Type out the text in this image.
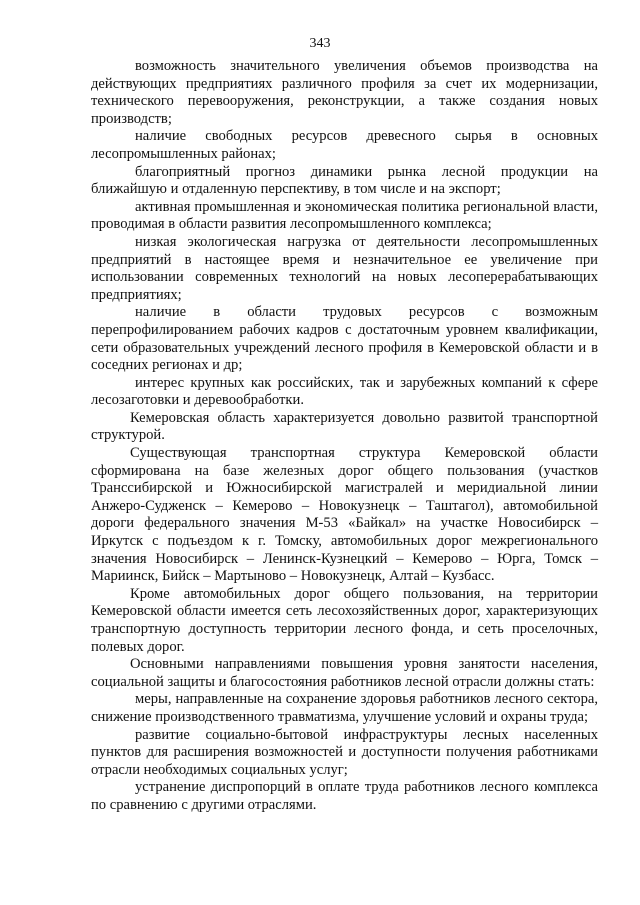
343

возможность значительного увеличения объемов производства на действующих предприятиях различного профиля за счет их модернизации, технического перевооружения, реконструкции, а также создания новых производств;

наличие свободных ресурсов древесного сырья в основных лесопромышленных районах;

благоприятный прогноз динамики рынка лесной продукции на ближайшую и отдаленную перспективу, в том числе и на экспорт;

активная промышленная и экономическая политика региональной власти, проводимая в области развития лесопромышленного комплекса;

низкая экологическая нагрузка от деятельности лесопромышленных предприятий в настоящее время и незначительное ее увеличение при использовании современных технологий на новых лесоперерабатывающих предприятиях;

наличие в области трудовых ресурсов с возможным перепрофилированием рабочих кадров с достаточным уровнем квалификации, сети образовательных учреждений лесного профиля в Кемеровской области и в соседних регионах и др;

интерес крупных как российских, так и зарубежных компаний к сфере лесозаготовки и деревообработки.

Кемеровская область характеризуется довольно развитой транспортной структурой.

Существующая транспортная структура Кемеровской области сформирована на базе железных дорог общего пользования (участков Транссибирской и Южносибирской магистралей и меридиальной линии Анжеро-Судженск – Кемерово – Новокузнецк – Таштагол), автомобильной дороги федерального значения М-53 «Байкал» на участке Новосибирск – Иркутск с подъездом к г. Томску, автомобильных дорог межрегионального значения Новосибирск – Ленинск-Кузнецкий – Кемерово – Юрга, Томск – Мариинск, Бийск – Мартыново – Новокузнецк, Алтай – Кузбасс.

Кроме автомобильных дорог общего пользования, на территории Кемеровской области имеется сеть лесохозяйственных дорог, характеризующих транспортную доступность территории лесного фонда, и сеть проселочных, полевых дорог.

Основными направлениями повышения уровня занятости населения, социальной защиты и благосостояния работников лесной отрасли должны стать:

меры, направленные на сохранение здоровья работников лесного сектора, снижение производственного травматизма, улучшение условий и охраны труда;

развитие социально-бытовой инфраструктуры лесных населенных пунктов для расширения возможностей и доступности получения работниками отрасли необходимых социальных услуг;

устранение диспропорций в оплате труда работников лесного комплекса по сравнению с другими отраслями.
